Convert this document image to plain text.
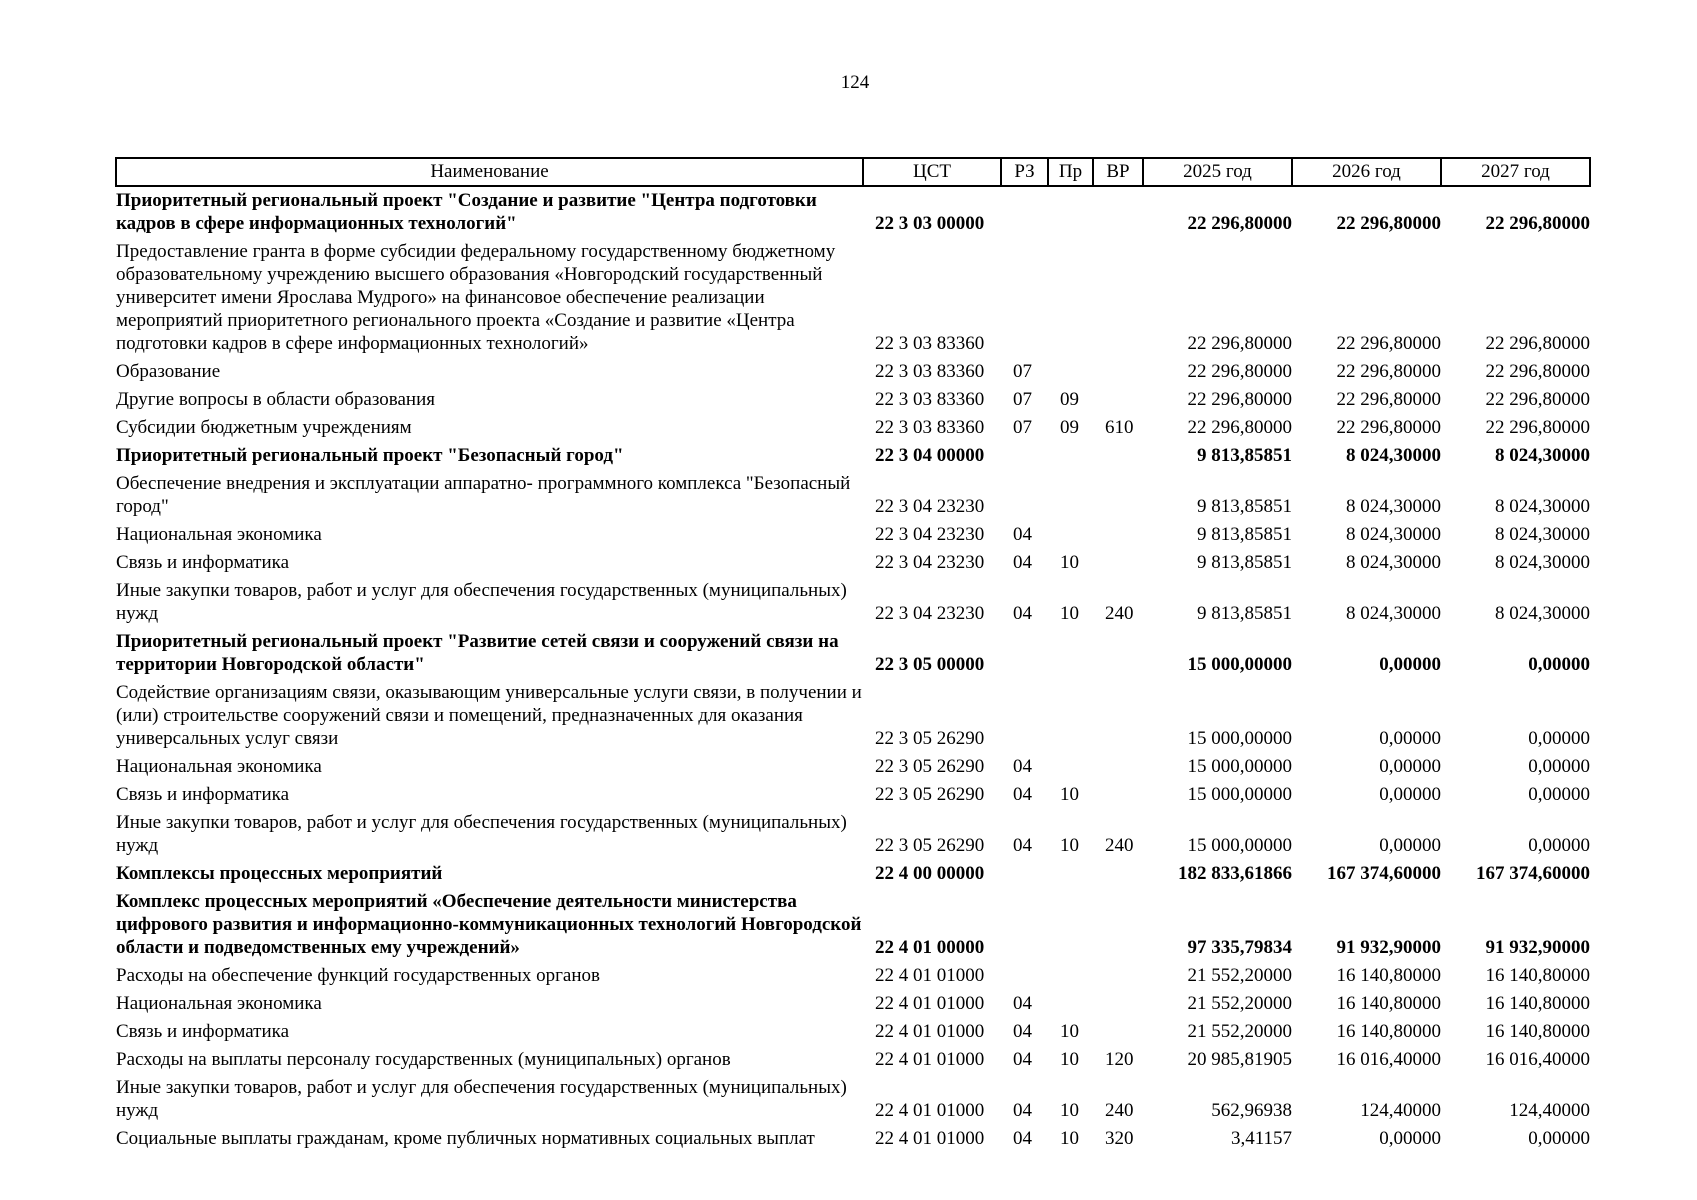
124
Наименование	ЦСТ	РЗ	Пр	ВР	2025 год	2026 год	2027 год
Приоритетный региональный проект "Создание и развитие "Центра подготовки кадров в сфере информационных технологий"	22 3 03 00000				22 296,80000	22 296,80000	22 296,80000
Предоставление гранта в форме субсидии федеральному государственному бюджетному образовательному учреждению высшего образования «Новгородский государственный университет имени Ярослава Мудрого» на финансовое обеспечение реализации мероприятий приоритетного регионального проекта «Создание и развитие «Центра подготовки кадров в сфере информационных технологий»	22 3 03 83360				22 296,80000	22 296,80000	22 296,80000
Образование	22 3 03 83360	07			22 296,80000	22 296,80000	22 296,80000
Другие вопросы в области образования	22 3 03 83360	07	09		22 296,80000	22 296,80000	22 296,80000
Субсидии бюджетным учреждениям	22 3 03 83360	07	09	610	22 296,80000	22 296,80000	22 296,80000
Приоритетный региональный проект "Безопасный город"	22 3 04 00000				9 813,85851	8 024,30000	8 024,30000
Обеспечение внедрения и эксплуатации аппаратно- программного комплекса "Безопасный город"	22 3 04 23230				9 813,85851	8 024,30000	8 024,30000
Национальная экономика	22 3 04 23230	04			9 813,85851	8 024,30000	8 024,30000
Связь и информатика	22 3 04 23230	04	10		9 813,85851	8 024,30000	8 024,30000
Иные закупки товаров, работ и услуг для обеспечения государственных (муниципальных) нужд	22 3 04 23230	04	10	240	9 813,85851	8 024,30000	8 024,30000
Приоритетный региональный проект "Развитие сетей связи и сооружений связи на территории Новгородской области"	22 3 05 00000				15 000,00000	0,00000	0,00000
Содействие организациям связи, оказывающим универсальные услуги связи, в получении и (или) строительстве сооружений связи и помещений, предназначенных для оказания универсальных услуг связи	22 3 05 26290				15 000,00000	0,00000	0,00000
Национальная экономика	22 3 05 26290	04			15 000,00000	0,00000	0,00000
Связь и информатика	22 3 05 26290	04	10		15 000,00000	0,00000	0,00000
Иные закупки товаров, работ и услуг для обеспечения государственных (муниципальных) нужд	22 3 05 26290	04	10	240	15 000,00000	0,00000	0,00000
Комплексы процессных мероприятий	22 4 00 00000				182 833,61866	167 374,60000	167 374,60000
Комплекс процессных мероприятий «Обеспечение деятельности министерства цифрового развития и информационно-коммуникационных технологий Новгородской области и подведомственных ему учреждений»	22 4 01 00000				97 335,79834	91 932,90000	91 932,90000
Расходы на обеспечение функций государственных органов	22 4 01 01000				21 552,20000	16 140,80000	16 140,80000
Национальная экономика	22 4 01 01000	04			21 552,20000	16 140,80000	16 140,80000
Связь и информатика	22 4 01 01000	04	10		21 552,20000	16 140,80000	16 140,80000
Расходы на выплаты персоналу государственных (муниципальных) органов	22 4 01 01000	04	10	120	20 985,81905	16 016,40000	16 016,40000
Иные закупки товаров, работ и услуг для обеспечения государственных (муниципальных) нужд	22 4 01 01000	04	10	240	562,96938	124,40000	124,40000
Социальные выплаты гражданам, кроме публичных нормативных социальных выплат	22 4 01 01000	04	10	320	3,41157	0,00000	0,00000
